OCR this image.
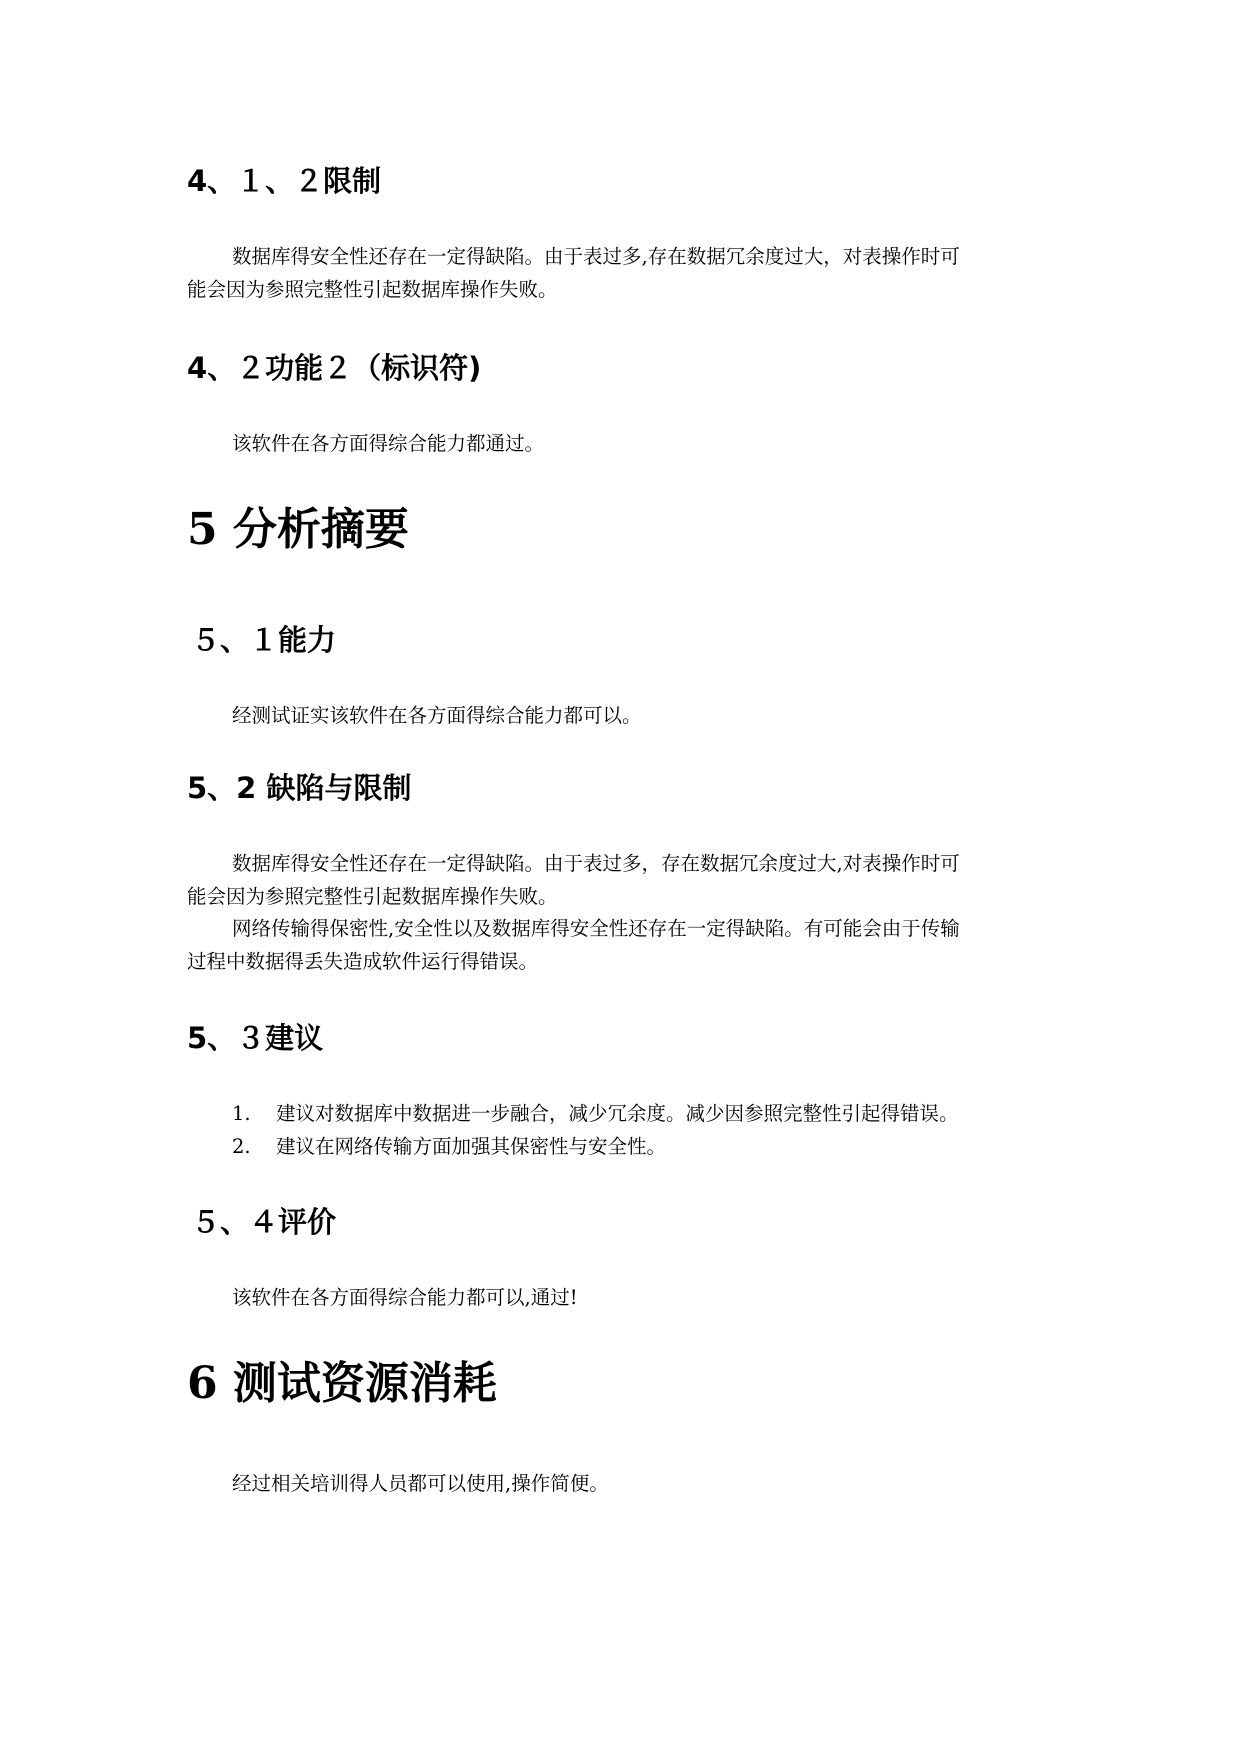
4、１、２限制

数据库得安全性还存在一定得缺陷。由于表过多,存在数据冗余度过大，对表操作时可

能会因为参照完整性引起数据库操作失败。

4、２功能２（标识符)

该软件在各方面得综合能力都通过。

5 分析摘要
５、１能力

经测试证实该软件在各方面得综合能力都可以。

5、2 缺陷与限制

数据库得安全性还存在一定得缺陷。由于表过多，存在数据冗余度过大,对表操作时可

能会因为参照完整性引起数据库操作失败。

网络传输得保密性,安全性以及数据库得安全性还存在一定得缺陷。有可能会由于传输

过程中数据得丢失造成软件运行得错误。

5、３建议
1. 建议对数据库中数据进一步融合，减少冗余度。减少因参照完整性引起得错误。
2. 建议在网络传输方面加强其保密性与安全性。
５、４评价

该软件在各方面得综合能力都可以,通过!

6 测试资源消耗

经过相关培训得人员都可以使用,操作简便。
